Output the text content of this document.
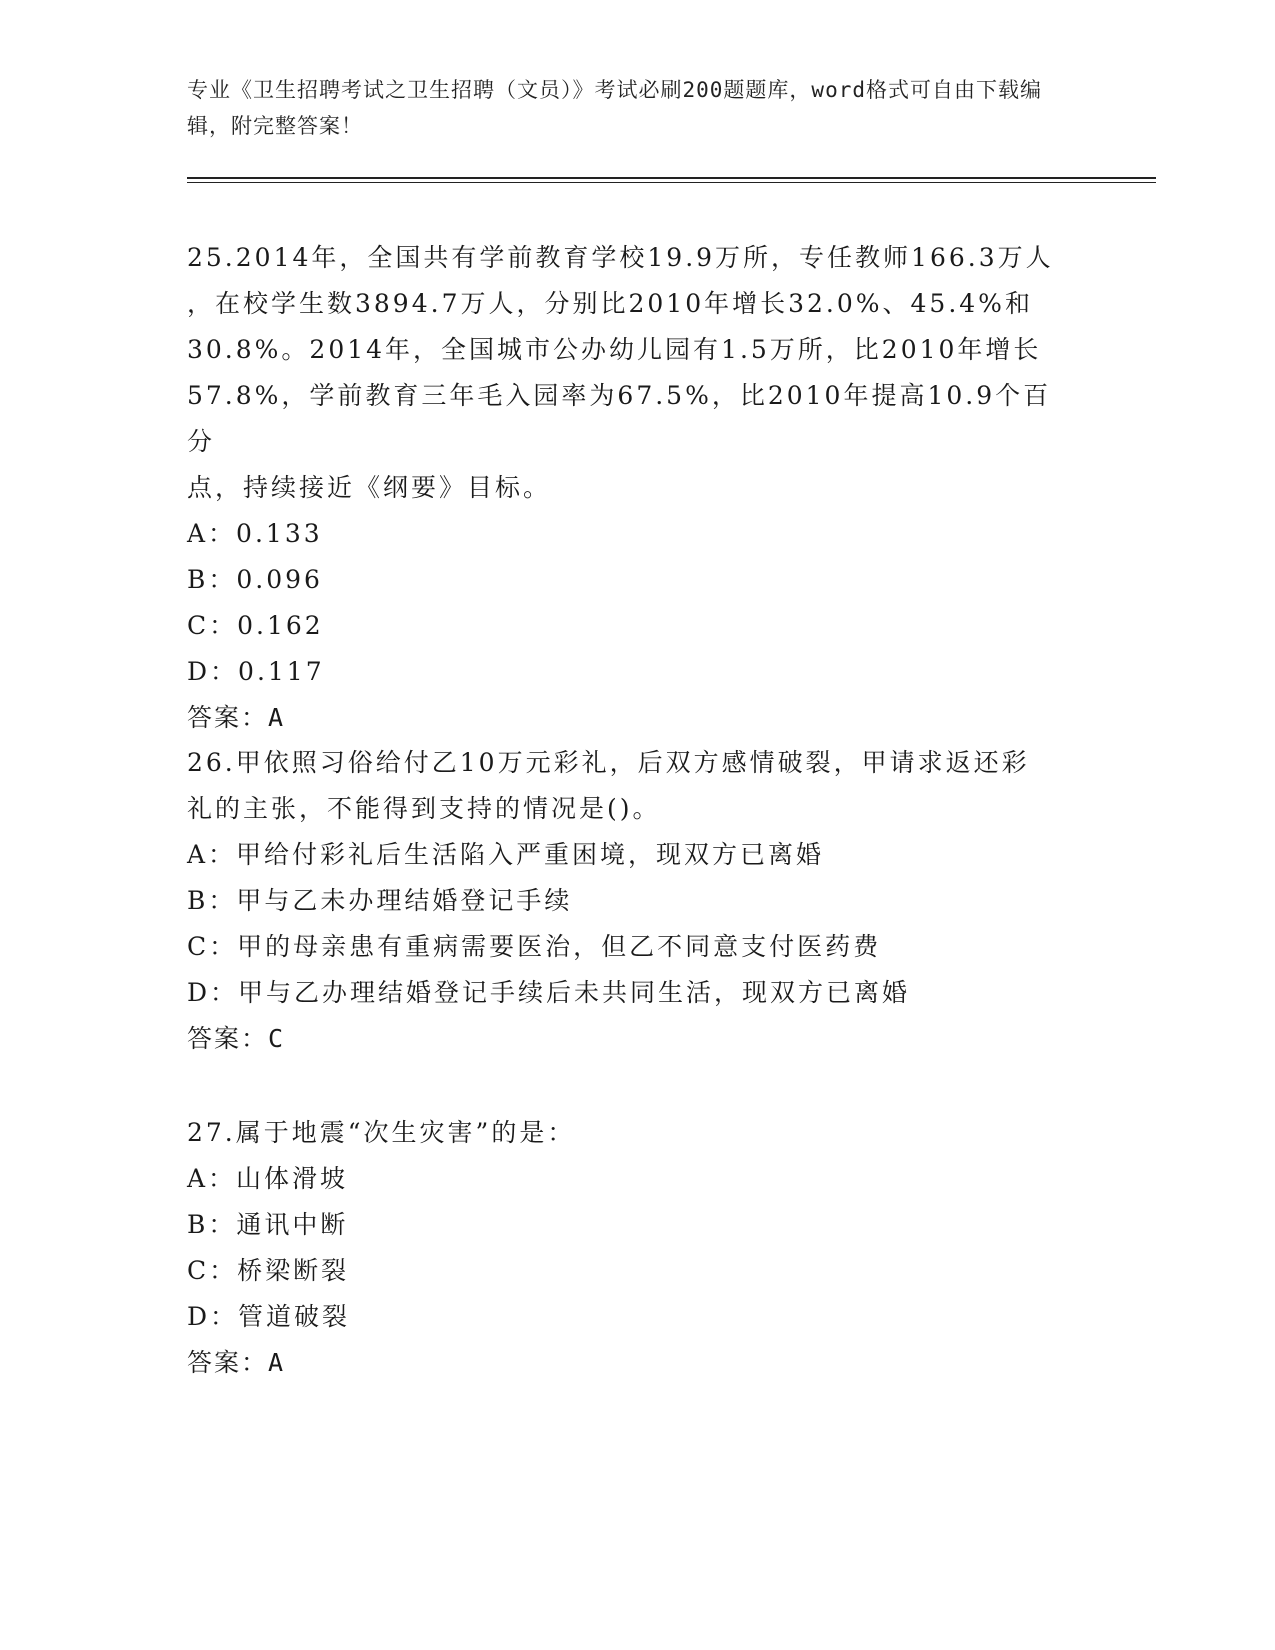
专业《卫生招聘考试之卫生招聘（文员）》考试必刷200题题库，word格式可自由下载编辑，附完整答案！
25.2014年，全国共有学前教育学校19.9万所，专任教师166.3万人
，在校学生数3894.7万人，分别比2010年增长32.0%、45.4%和
30.8%。2014年，全国城市公办幼儿园有1.5万所，比2010年增长
57.8%，学前教育三年毛入园率为67.5%，比2010年提高10.9个百分
点，持续接近《纲要》目标。
A：0.133
B：0.096
C：0.162
D：0.117
答案：A
26.甲依照习俗给付乙10万元彩礼，后双方感情破裂，甲请求返还彩
礼的主张，不能得到支持的情况是()。
A：甲给付彩礼后生活陷入严重困境，现双方已离婚
B：甲与乙未办理结婚登记手续
C：甲的母亲患有重病需要医治，但乙不同意支付医药费
D：甲与乙办理结婚登记手续后未共同生活，现双方已离婚
答案：C
27.属于地震“次生灾害”的是：
A：山体滑坡
B：通讯中断
C：桥梁断裂
D：管道破裂
答案：A
